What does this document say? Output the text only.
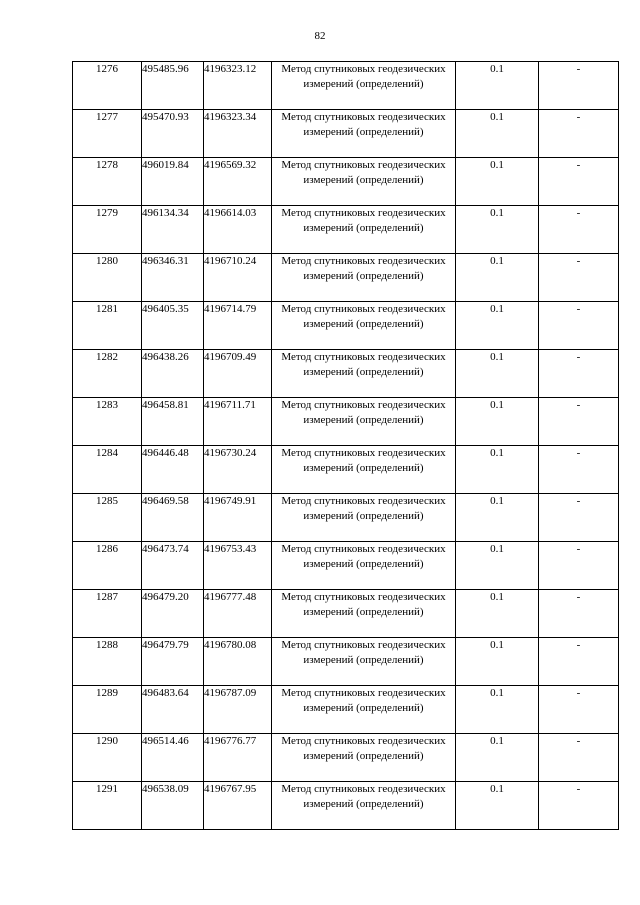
82
1276	495485.96	4196323.12	Метод спутниковых геодезических измерений (определений)	0.1	-
1277	495470.93	4196323.34	Метод спутниковых геодезических измерений (определений)	0.1	-
1278	496019.84	4196569.32	Метод спутниковых геодезических измерений (определений)	0.1	-
1279	496134.34	4196614.03	Метод спутниковых геодезических измерений (определений)	0.1	-
1280	496346.31	4196710.24	Метод спутниковых геодезических измерений (определений)	0.1	-
1281	496405.35	4196714.79	Метод спутниковых геодезических измерений (определений)	0.1	-
1282	496438.26	4196709.49	Метод спутниковых геодезических измерений (определений)	0.1	-
1283	496458.81	4196711.71	Метод спутниковых геодезических измерений (определений)	0.1	-
1284	496446.48	4196730.24	Метод спутниковых геодезических измерений (определений)	0.1	-
1285	496469.58	4196749.91	Метод спутниковых геодезических измерений (определений)	0.1	-
1286	496473.74	4196753.43	Метод спутниковых геодезических измерений (определений)	0.1	-
1287	496479.20	4196777.48	Метод спутниковых геодезических измерений (определений)	0.1	-
1288	496479.79	4196780.08	Метод спутниковых геодезических измерений (определений)	0.1	-
1289	496483.64	4196787.09	Метод спутниковых геодезических измерений (определений)	0.1	-
1290	496514.46	4196776.77	Метод спутниковых геодезических измерений (определений)	0.1	-
1291	496538.09	4196767.95	Метод спутниковых геодезических измерений (определений)	0.1	-
